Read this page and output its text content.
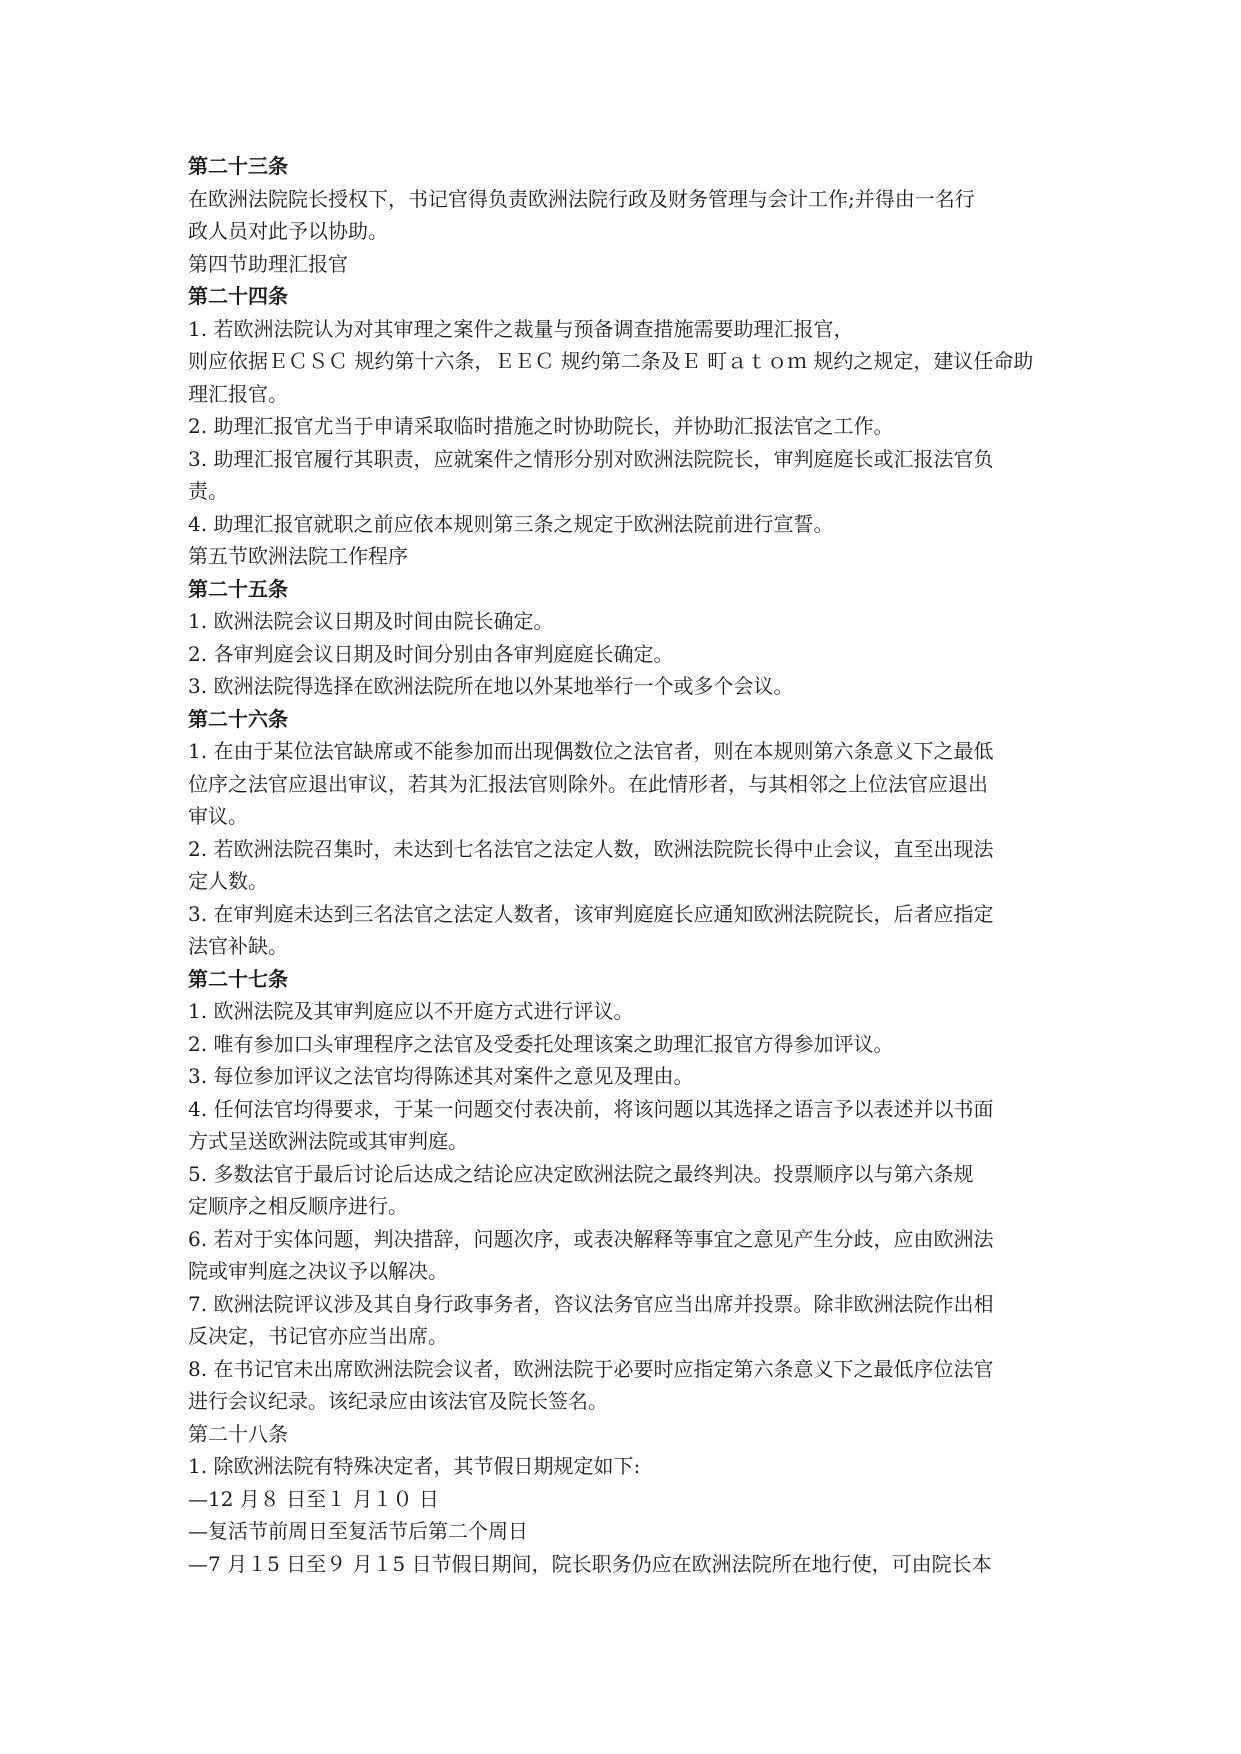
第二十三条
在欧洲法院院长授权下，书记官得负责欧洲法院行政及财务管理与会计工作;并得由一名行
政人员对此予以协助。
第四节助理汇报官
第二十四条
1. 若欧洲法院认为对其审理之案件之裁量与预备调查措施需要助理汇报官，
则应依据ＥＣＳＣ 规约第十六条，ＥＥＣ 规约第二条及Ｅ 町ａｔｏｍ 规约之规定，建议任命助
理汇报官。
2. 助理汇报官尤当于申请采取临时措施之时协助院长，并协助汇报法官之工作。
3. 助理汇报官履行其职责，应就案件之情形分别对欧洲法院院长，审判庭庭长或汇报法官负
责。
4. 助理汇报官就职之前应依本规则第三条之规定于欧洲法院前进行宣誓。
第五节欧洲法院工作程序
第二十五条
1. 欧洲法院会议日期及时间由院长确定。
2. 各审判庭会议日期及时间分别由各审判庭庭长确定。
3. 欧洲法院得选择在欧洲法院所在地以外某地举行一个或多个会议。
第二十六条
1. 在由于某位法官缺席或不能参加而出现偶数位之法官者，则在本规则第六条意义下之最低
位序之法官应退出审议，若其为汇报法官则除外。在此情形者，与其相邻之上位法官应退出
审议。
2. 若欧洲法院召集时，未达到七名法官之法定人数，欧洲法院院长得中止会议，直至出现法
定人数。
3. 在审判庭未达到三名法官之法定人数者，该审判庭庭长应通知欧洲法院院长，后者应指定
法官补缺。
第二十七条
1. 欧洲法院及其审判庭应以不开庭方式进行评议。
2. 唯有参加口头审理程序之法官及受委托处理该案之助理汇报官方得参加评议。
3. 每位参加评议之法官均得陈述其对案件之意见及理由。
4. 任何法官均得要求，于某一问题交付表决前，将该问题以其选择之语言予以表述并以书面
方式呈送欧洲法院或其审判庭。
5. 多数法官于最后讨论后达成之结论应决定欧洲法院之最终判决。投票顺序以与第六条规
定顺序之相反顺序进行。
6. 若对于实体问题，判决措辞，问题次序，或表决解释等事宜之意见产生分歧，应由欧洲法
院或审判庭之决议予以解决。
7. 欧洲法院评议涉及其自身行政事务者，咨议法务官应当出席并投票。除非欧洲法院作出相
反决定，书记官亦应当出席。
8. 在书记官未出席欧洲法院会议者，欧洲法院于必要时应指定第六条意义下之最低序位法官
进行会议纪录。该纪录应由该法官及院长签名。
第二十八条
1. 除欧洲法院有特殊决定者，其节假日期规定如下:
—12 月８ 日至１ 月１０ 日
—复活节前周日至复活节后第二个周日
—7 月１5 日至９ 月１5 日节假日期间，院长职务仍应在欧洲法院所在地行使，可由院长本
